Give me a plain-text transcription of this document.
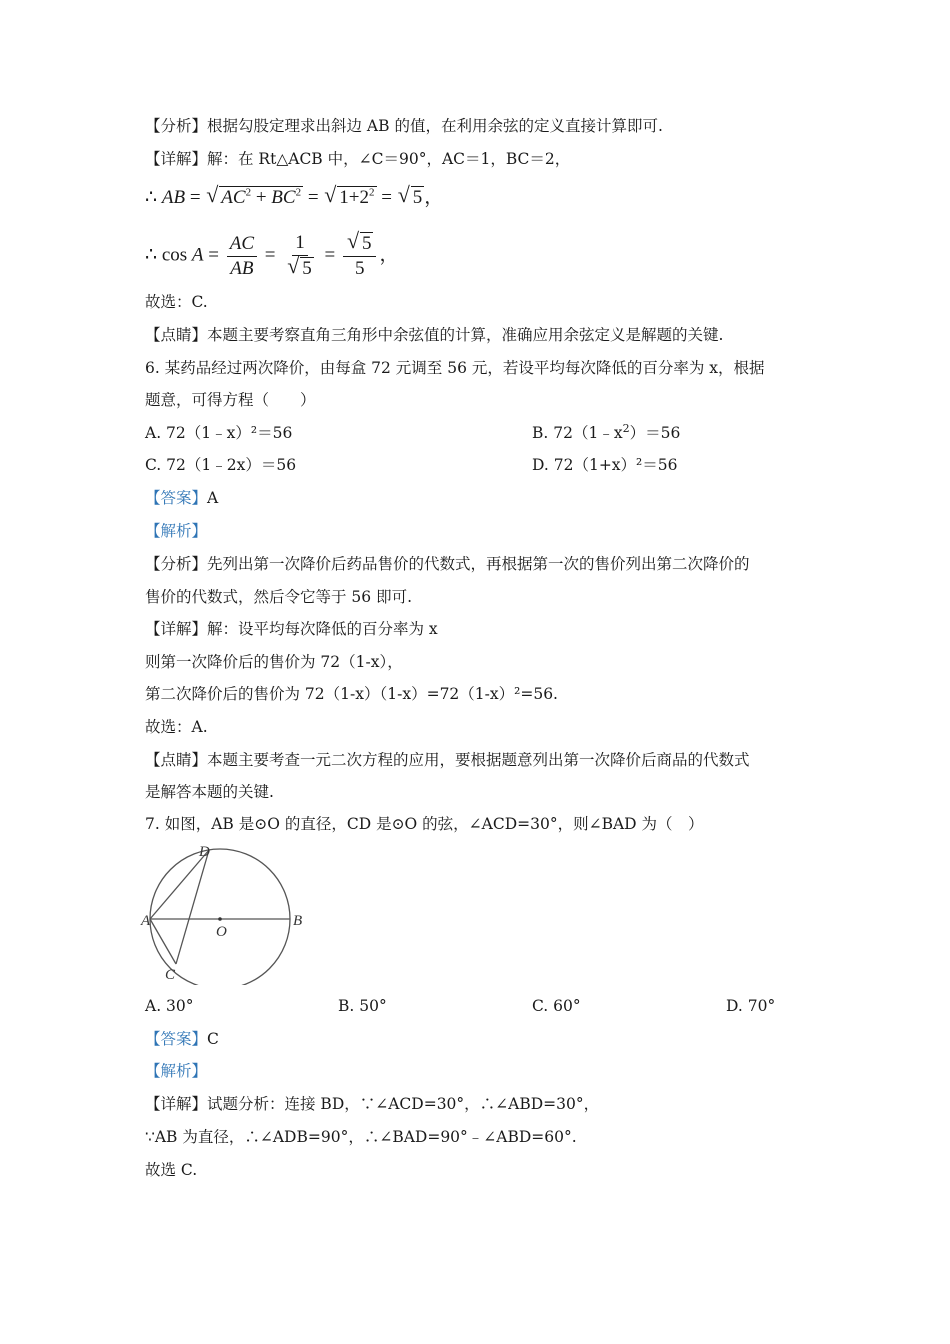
【分析】根据勾股定理求出斜边 AB 的值，在利用余弦的定义直接计算即可.
【详解】解：在 Rt△ACB 中，∠C＝90°，AC＝1，BC＝2，
∴ AB = √ $AC^2 + BC^2$ = √ $1+2^2$ = √ 5 ，
∴ $\cos A = \frac{AC}{AB} = 1$
√ 5 = √ $\frac{5}{5}$ ，
故选：C.
【点睛】本题主要考察直角三角形中余弦值的计算，准确应用余弦定义是解题的关键.
6. 某药品经过两次降价，由每盒 72 元调至 56 元，若设平均每次降低的百分率为 x，根据
题意，可得方程（　　）
A. 72（1﹣x）²＝56	B. $72(1﹣x^2)=56$
C. 72（1﹣2x）＝56	D. 72（1+x）²＝56
【答案】A
【解析】
【分析】先列出第一次降价后药品售价的代数式，再根据第一次的售价列出第二次降价的
售价的代数式，然后令它等于 56 即可.
【详解】解：设平均每次降低的百分率为 x
则第一次降价后的售价为 72（1-x），
第二次降价后的售价为 72（1-x）（1-x）=72（1-x）²=56.
故选：A.
【点睛】本题主要考查一元二次方程的应用，要根据题意列出第一次降价后商品的代数式
是解答本题的关键.
7. 如图，AB 是⊙O 的直径，CD 是⊙O 的弦，∠ACD=30°，则∠BAD 为（　）
A	B
C
D
O
A. 30°	B. 50°	C. 60°	D. 70°
【答案】C
【解析】
【详解】试题分析：连接 BD，∵∠ACD=30°，∴∠ABD=30°，
∵AB 为直径，∴∠ADB=90°，∴∠BAD=90°﹣∠ABD=60°.
故选 C.
